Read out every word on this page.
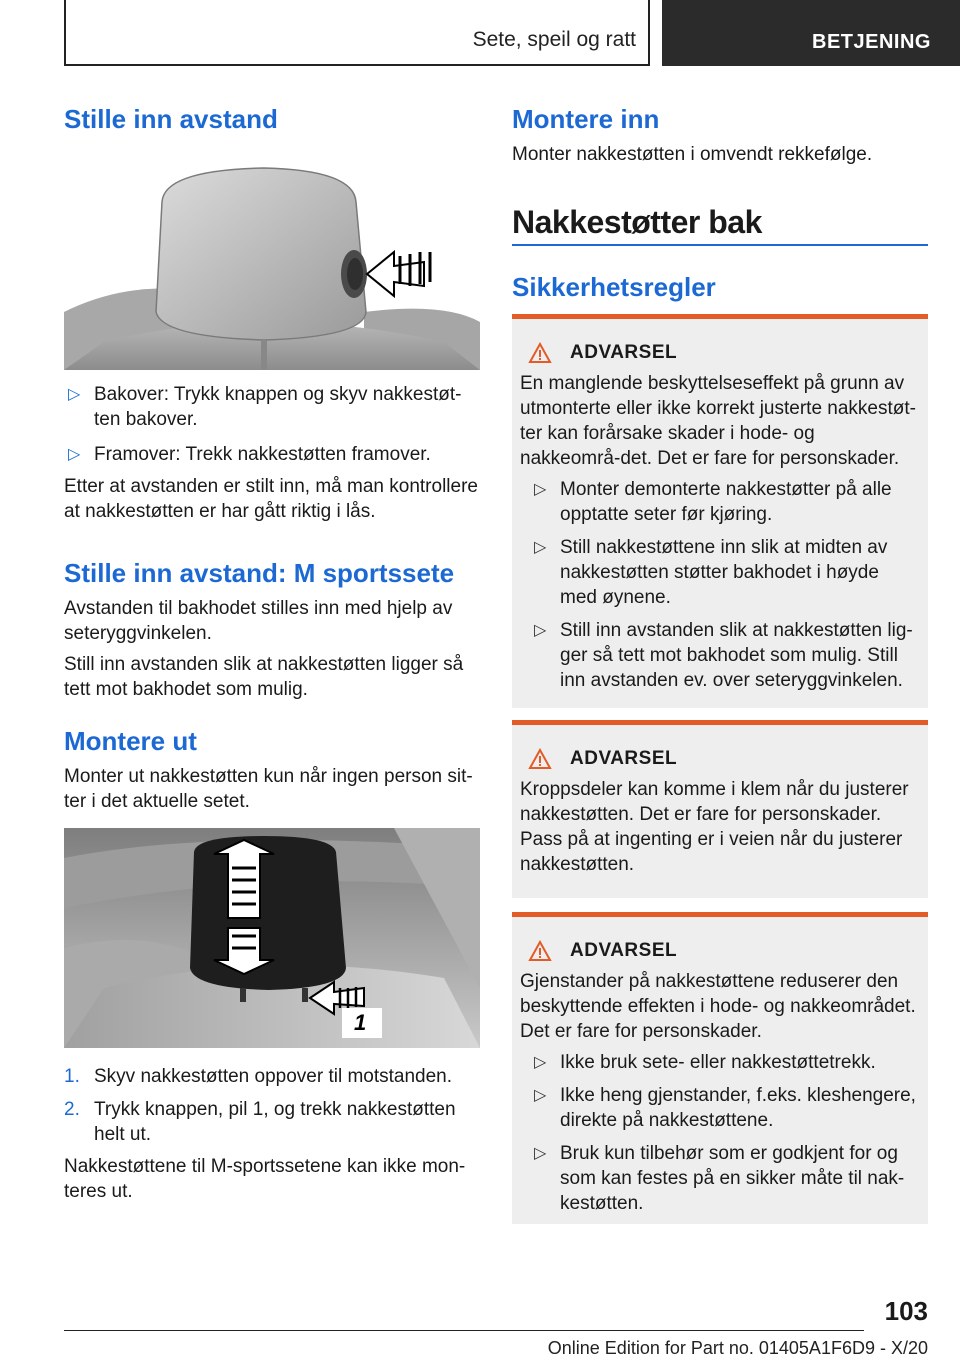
Sete, speil og ratt	BETJENING
Stille inn avstand
▷ Bakover: Trykk knappen og skyv nakkestøt-ten bakover.
▷ Framover: Trekk nakkestøtten framover.

Etter at avstanden er stilt inn, må man kontrollere at nakkestøtten er har gått riktig i lås.

Stille inn avstand: M sportssete

Avstanden til bakhodet stilles inn med hjelp av seteryggvinkelen.

Still inn avstanden slik at nakkestøtten ligger så tett mot bakhodet som mulig.

Montere ut

Monter ut nakkestøtten kun når ingen person sit-ter i det aktuelle setet.

1
1. Skyv nakkestøtten oppover til motstanden.
2. Trykk knappen, pil 1, og trekk nakkestøtten helt ut.

Nakkestøttene til M-sportssetene kan ikke mon-teres ut.

Montere inn

Monter nakkestøtten i omvendt rekkefølge.

Nakkestøtter bak
Sikkerhetsregler
ADVARSEL

En manglende beskyttelseseffekt på grunn av utmonterte eller ikke korrekt justerte nakkestøt-ter kan forårsake skader i hode- og nakkeområ-det. Det er fare for personskader.

▷ Monter demonterte nakkestøtter på alle opptatte seter før kjøring.
▷ Still nakkestøttene inn slik at midten av nakkestøtten støtter bakhodet i høyde med øynene.
▷ Still inn avstanden slik at nakkestøtten lig-ger så tett mot bakhodet som mulig. Still inn avstanden ev. over seteryggvinkelen.
ADVARSEL

Kroppsdeler kan komme i klem når du justerer nakkestøtten. Det er fare for personskader. Pass på at ingenting er i veien når du justerer nakkestøtten.

ADVARSEL

Gjenstander på nakkestøttene reduserer den beskyttende effekten i hode- og nakkeområdet. Det er fare for personskader.

▷ Ikke bruk sete- eller nakkestøttetrekk.
▷ Ikke heng gjenstander, f.eks. kleshengere, direkte på nakkestøttene.
▷ Bruk kun tilbehør som er godkjent for og som kan festes på en sikker måte til nak-kestøtten.
103
Online Edition for Part no. 01405A1F6D9 - X/20
